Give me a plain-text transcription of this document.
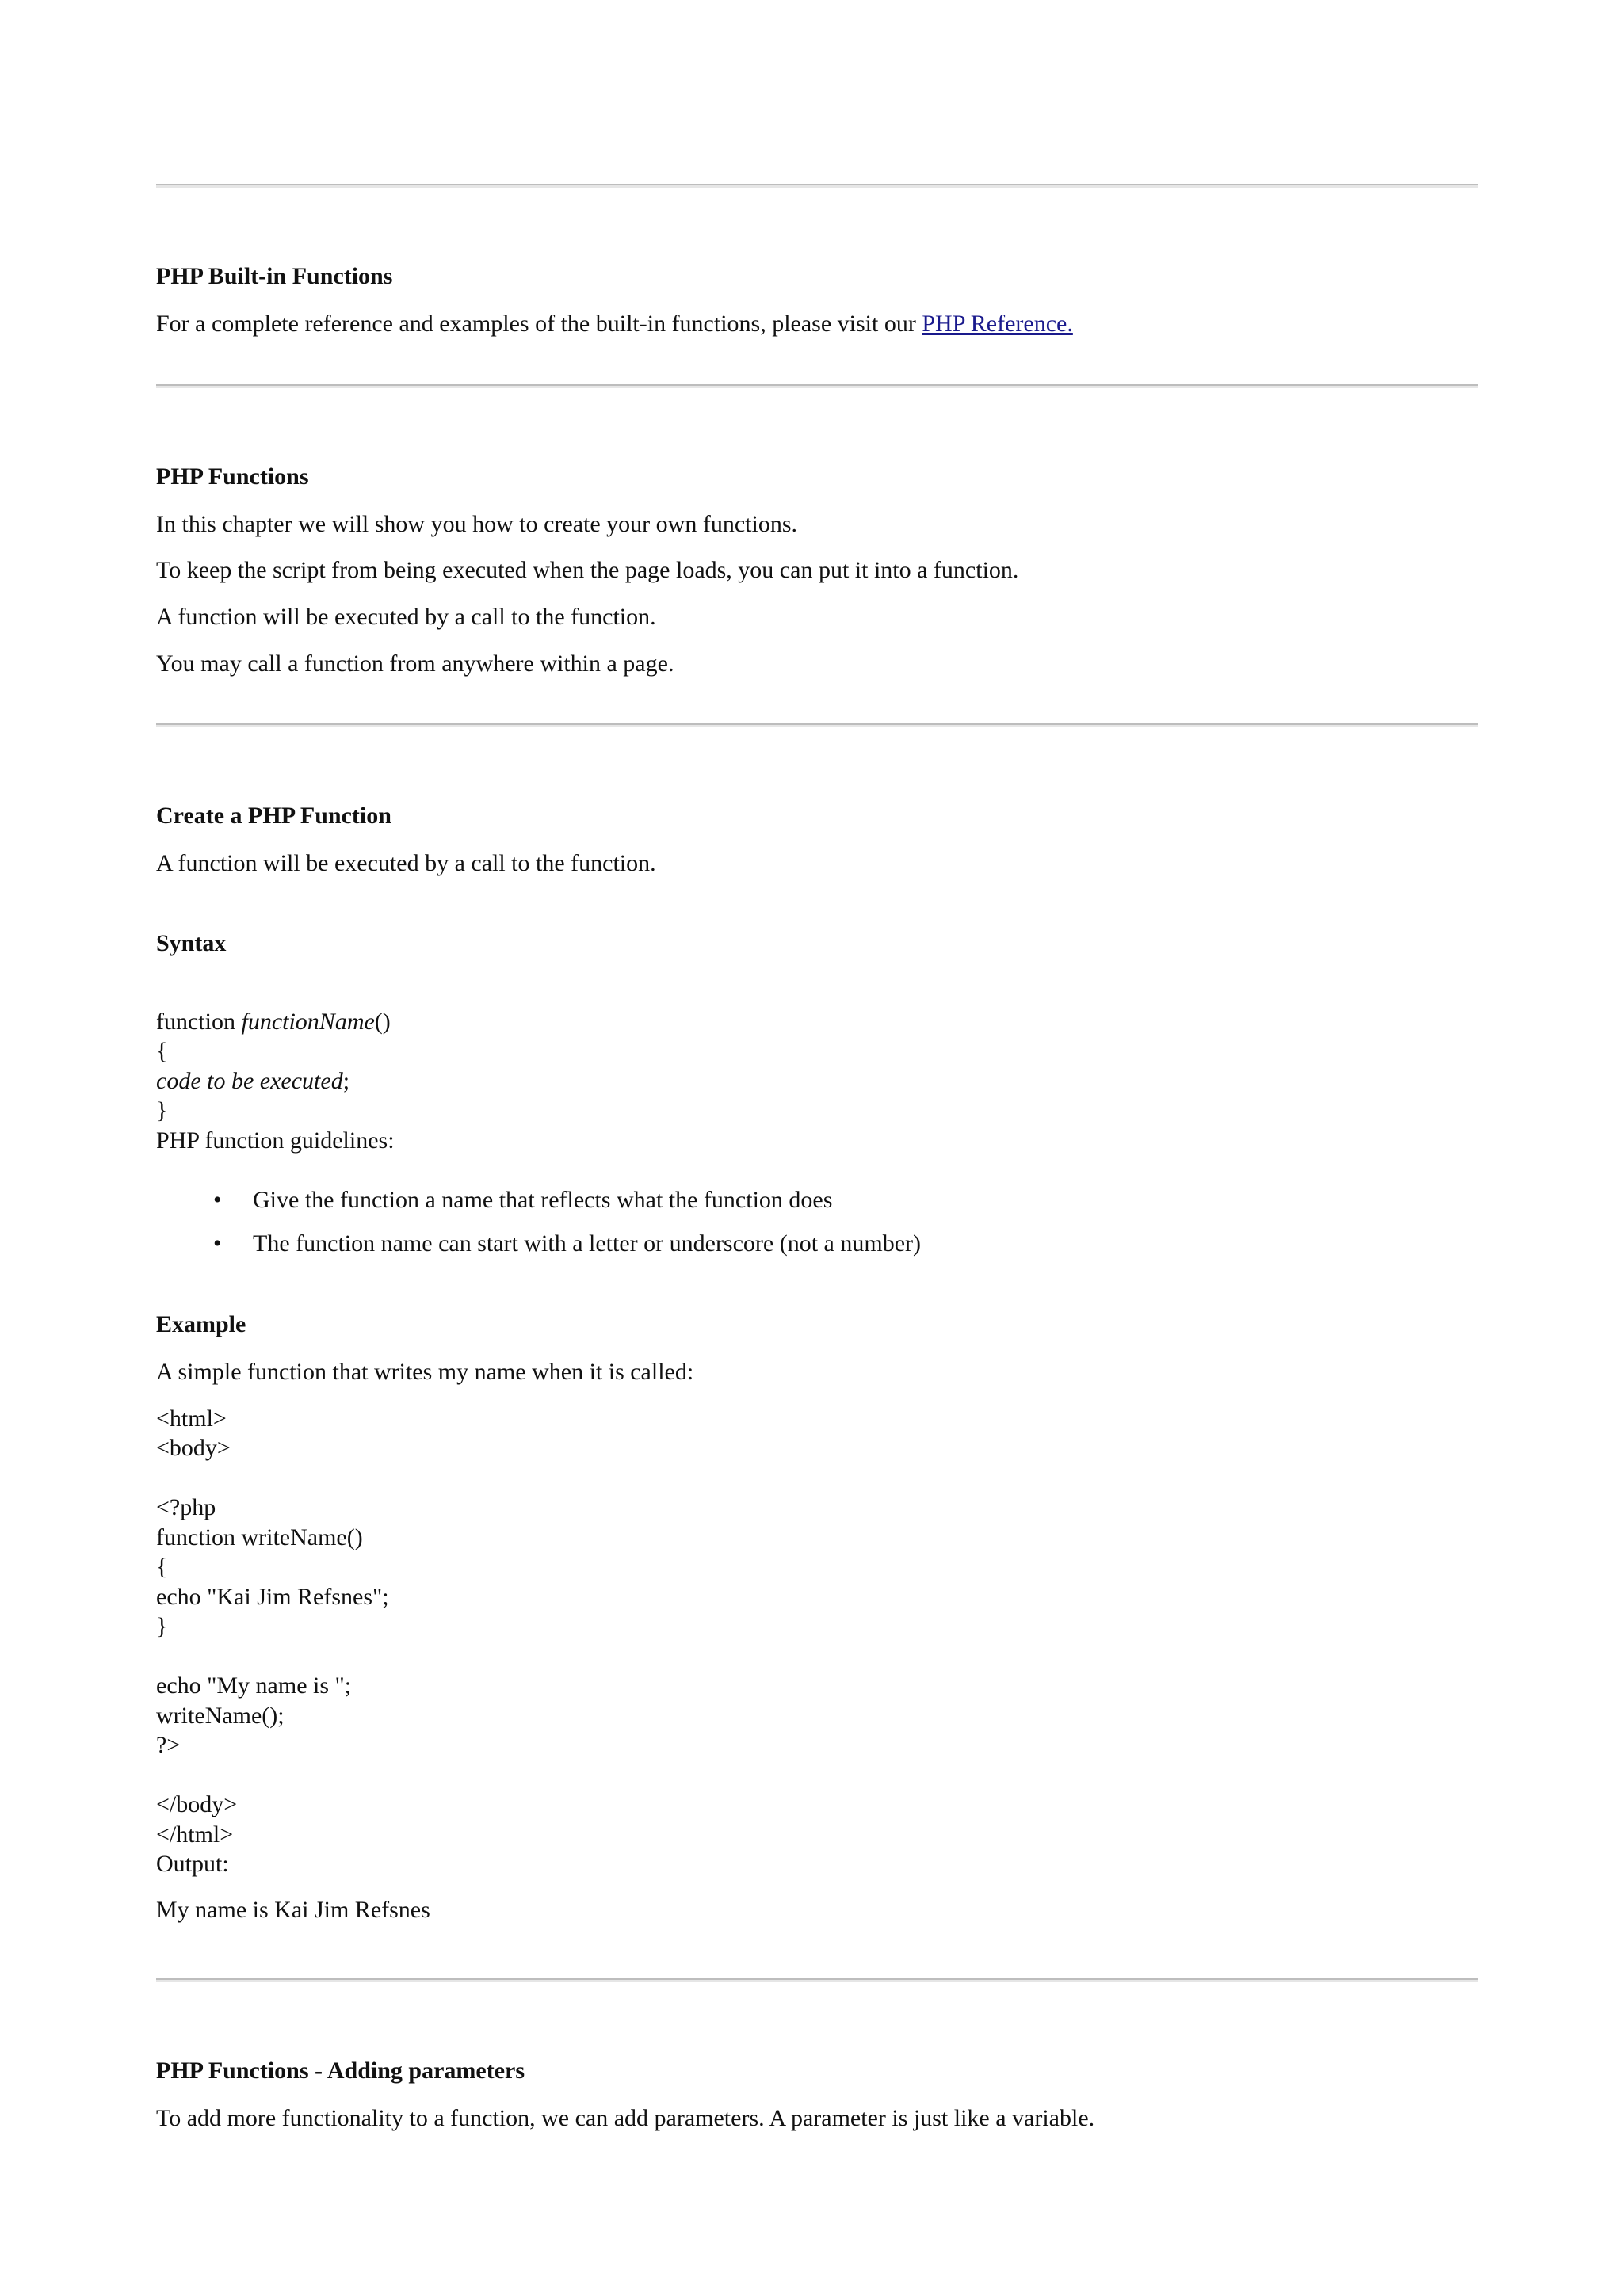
PHP Built-in Functions
For a complete reference and examples of the built-in functions, please visit our PHP Reference.
PHP Functions
In this chapter we will show you how to create your own functions.
To keep the script from being executed when the page loads, you can put it into a function.
A function will be executed by a call to the function.
You may call a function from anywhere within a page.
Create a PHP Function
A function will be executed by a call to the function.
Syntax
function functionName()
{
code to be executed;
}
PHP function guidelines:
• Give the function a name that reflects what the function does
• The function name can start with a letter or underscore (not a number)
Example
A simple function that writes my name when it is called:
<html>
<body>
<?php
function writeName()
{
echo "Kai Jim Refsnes";
}
echo "My name is ";
writeName();
?>
</body>
</html>
Output:
My name is Kai Jim Refsnes
PHP Functions - Adding parameters
To add more functionality to a function, we can add parameters. A parameter is just like a variable.
